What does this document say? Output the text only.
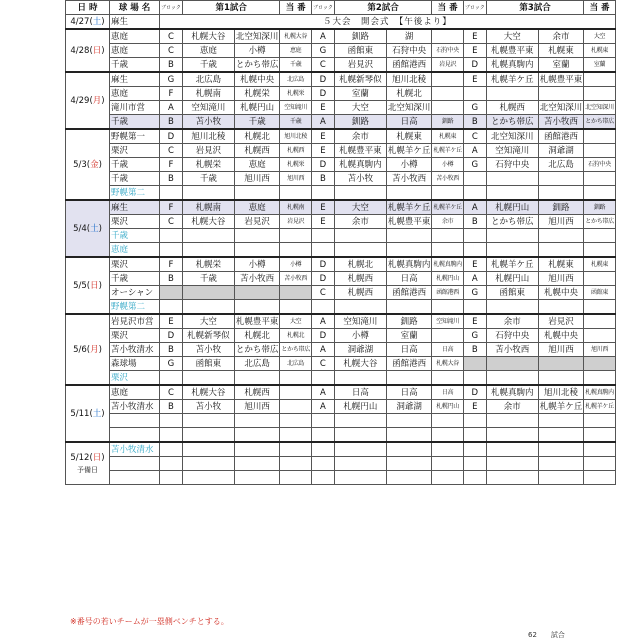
日 時	球 場 名	ブロック	第1試合		当 番	ブロック	第2試合		当 番	ブロック	第3試合		当 番
4/27(土)	麻生	５大会　開会式　【午後より】											
4/28(日)	恵庭	C	札幌大谷	北空知深川	札幌大谷	A	釧路	湖		E	大空	余市	大空
	恵庭	C	恵庭	小樽	恵庭	G	函館東	石狩中央	石狩中央	E	札幌豊平東	札幌東	札幌東
	千歳	B	千歳	とかち帯広	千歳	C	岩見沢	函館港西	岩見沢	D	札幌真駒内	室蘭	室蘭
4/29(月)	麻生	G	北広島	札幌中央	北広島	D	札幌新琴似	旭川北稜		E	札幌羊ケ丘	札幌豊平東	
	恵庭	F	札幌南	札幌栄	札幌栄	D	室蘭	札幌北					
	滝川市営	A	空知滝川	札幌円山	空知滝川	E	大空	北空知深川		G	札幌西	北空知深川	北空知深川
	千歳	B	苫小牧	千歳	千歳	A	釧路	日高	釧路	B	とかち帯広	苫小牧西	とかち帯広
5/3(金)	野幌第一	D	旭川北稜	札幌北	旭川北稜	E	余市	札幌東	札幌東	C	北空知深川	函館港西	
	栗沢	C	岩見沢	札幌西	札幌西	E	札幌豊平東	札幌羊ケ丘	札幌羊ケ丘	A	空知滝川	洞爺湖	
	千歳	F	札幌栄	恵庭	札幌栄	D	札幌真駒内	小樽	小樽	G	石狩中央	北広島	石狩中央
	千歳	B	千歳	旭川西	旭川西	B	苫小牧	苫小牧西	苫小牧西				
	野幌第二												
5/4(土)	麻生	F	札幌南	恵庭	札幌南	E	大空	札幌羊ケ丘	札幌羊ケ丘	A	札幌円山	釧路	釧路
	栗沢	C	札幌大谷	岩見沢	岩見沢	E	余市	札幌豊平東	余市	B	とかち帯広	旭川西	とかち帯広
	千歳												
	恵庭												
5/5(日)	栗沢	F	札幌栄	小樽	小樽	D	札幌北	札幌真駒内	札幌真駒内	E	札幌羊ケ丘	札幌東	札幌東
	千歳	B	千歳	苫小牧西	苫小牧西	D	札幌西	日高	札幌円山	A	札幌円山	旭川西	
	オーシャン					C	札幌西	函館港西	函館港西	G	函館東	札幌中央	函館東
	野幌第二												
5/6(月)	岩見沢市営	E	大空	札幌豊平東	大空	A	空知滝川	釧路	空知滝川	E	余市	岩見沢	
	栗沢	D	札幌新琴似	札幌北	札幌北	D	小樽	室蘭		G	石狩中央	札幌中央	
	苫小牧清水	B	苫小牧	とかち帯広	とかち帯広	A	洞爺湖	日高	日高	B	苫小牧西	旭川西	旭川西
	森球場	G	函館東	北広島	北広島	C	札幌大谷	函館港西	札幌大谷				
	栗沢												
5/11(土)	恵庭	C	札幌大谷	札幌西		A	日高	日高	日高	D	札幌真駒内	旭川北稜	札幌真駒内
	苫小牧清水	B	苫小牧	旭川西		A	札幌円山	洞爺湖	札幌円山	E	余市	札幌羊ケ丘	札幌羊ケ丘

5/12(日)
予備日	苫小牧清水												

※番号の若いチームが一塁側ベンチとする。
62 試合
